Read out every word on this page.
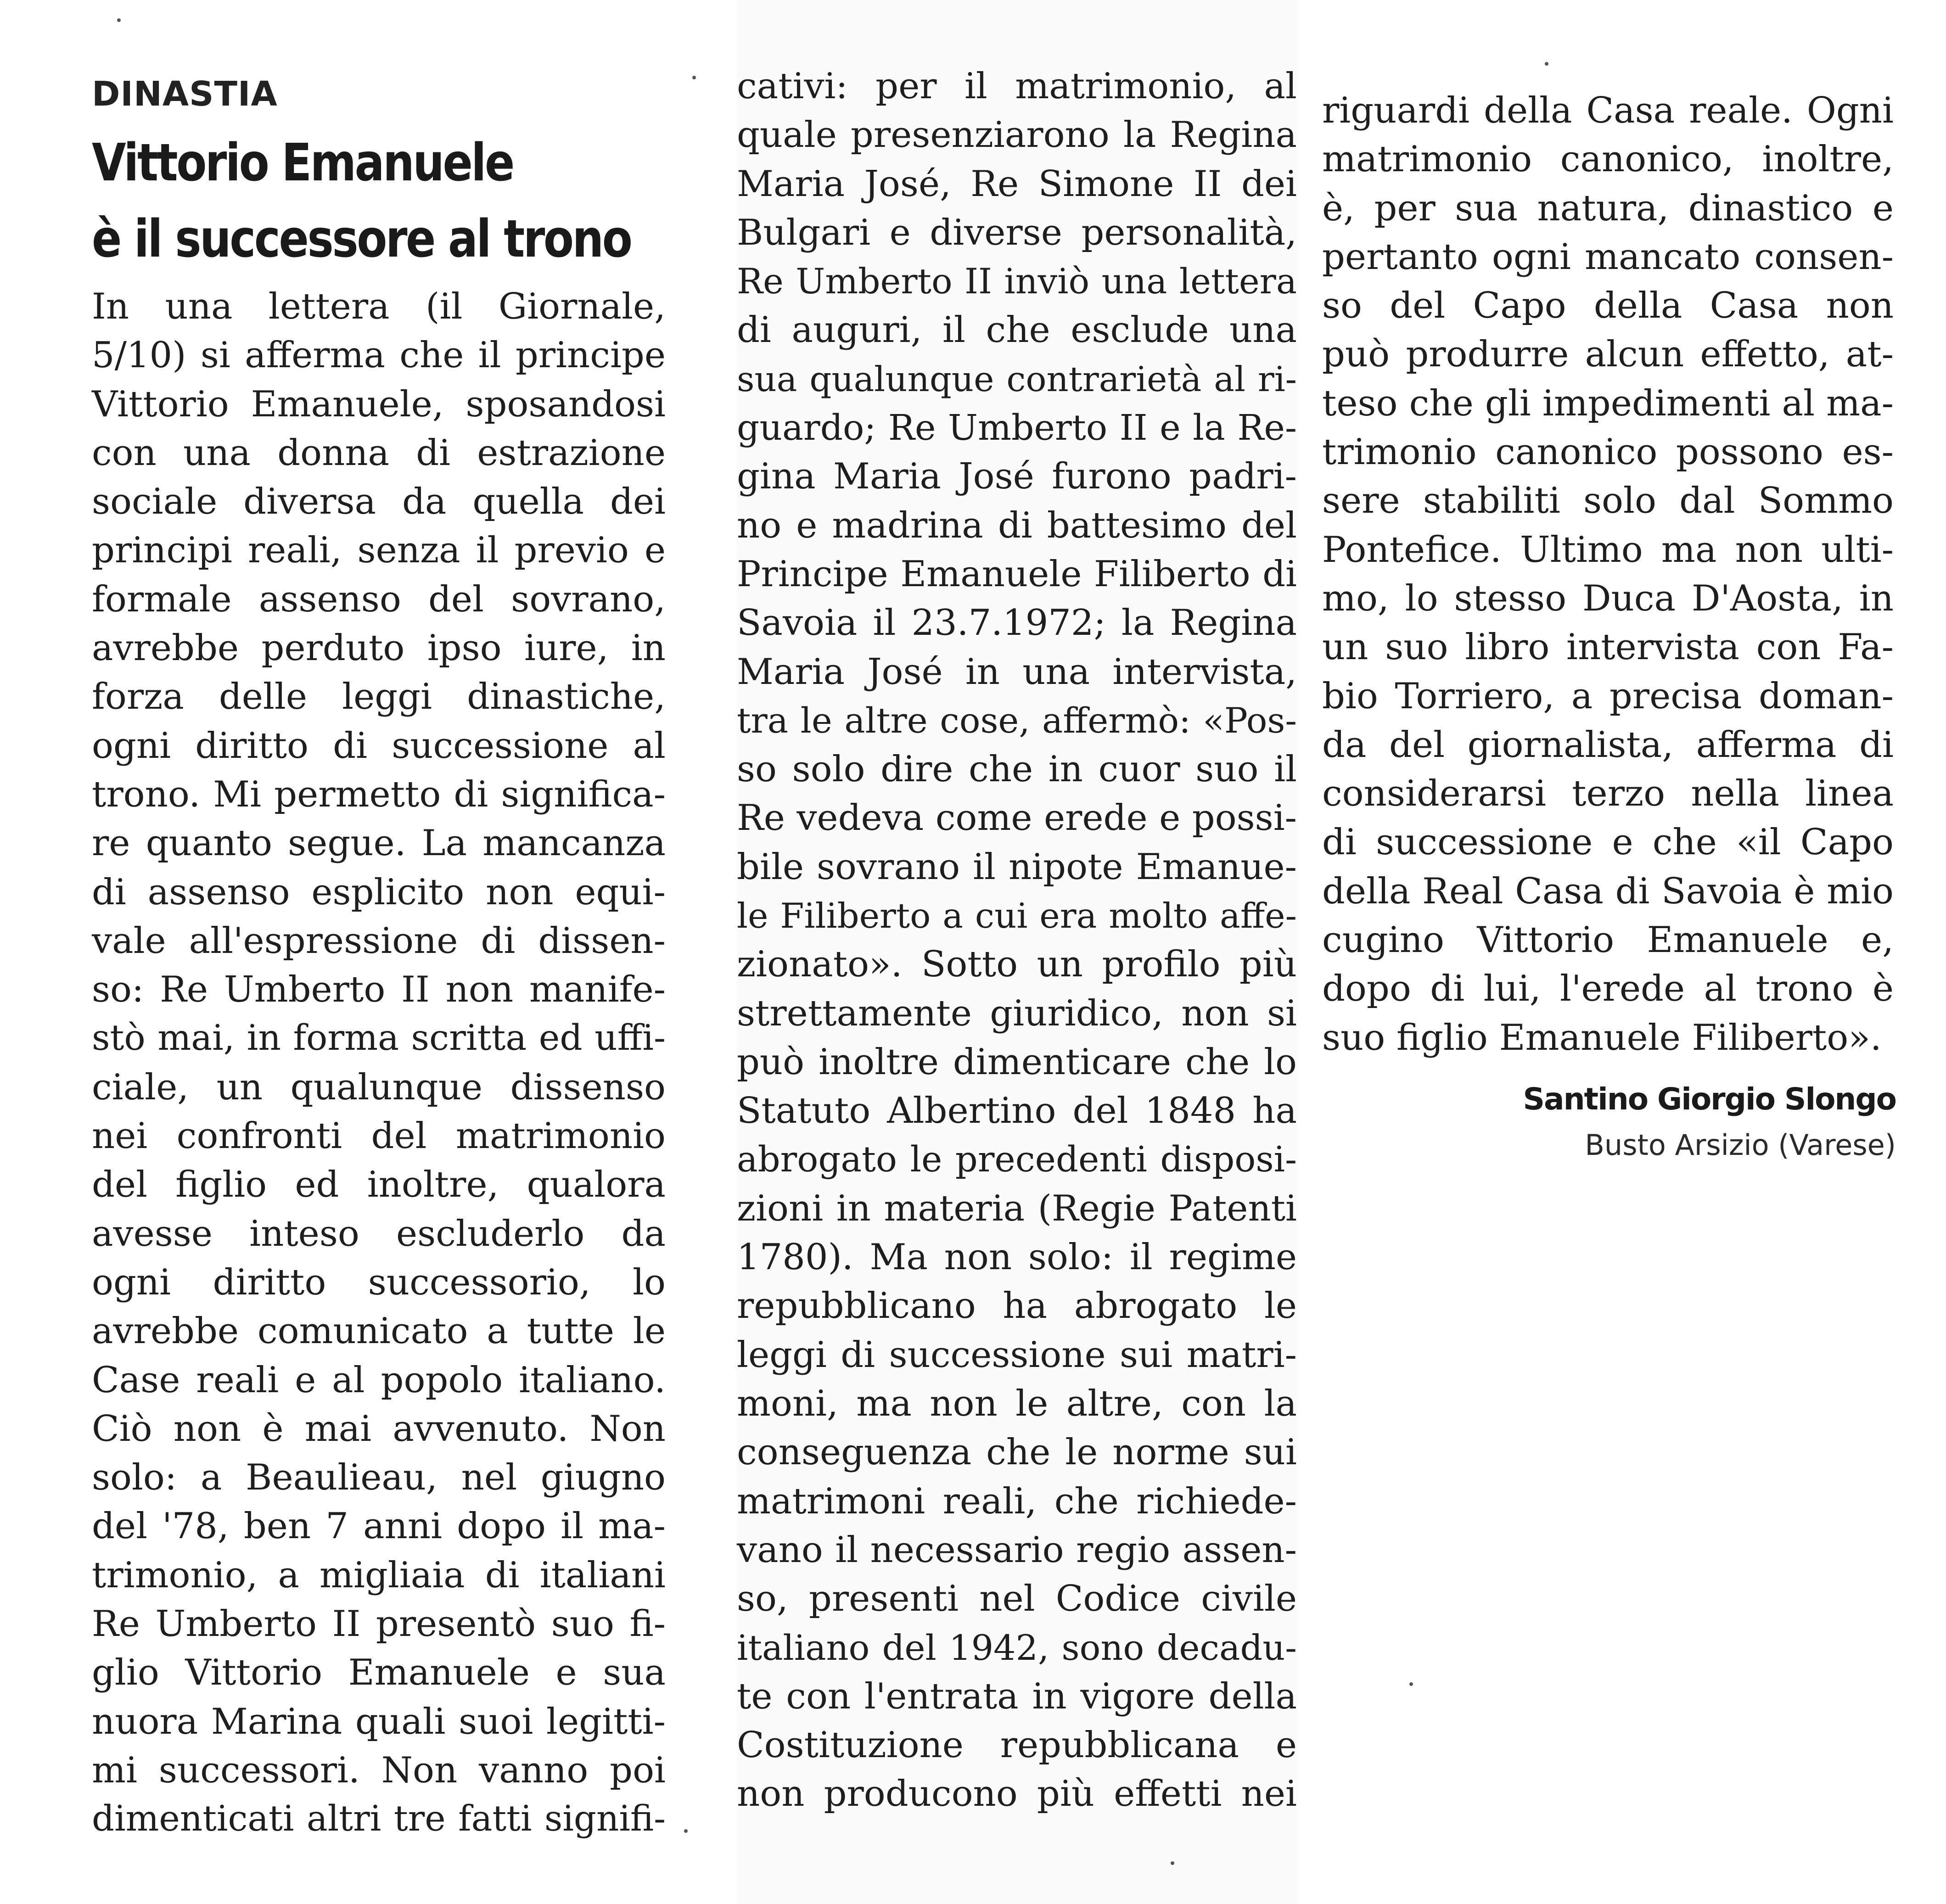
DINASTIA
Vittorio Emanuele
è il successore al trono
In una lettera (il Giornale,
5/10) si afferma che il principe
Vittorio Emanuele, sposandosi
con una donna di estrazione
sociale diversa da quella dei
principi reali, senza il previo e
formale assenso del sovrano,
avrebbe perduto ipso iure, in
forza delle leggi dinastiche,
ogni diritto di successione al
trono. Mi permetto di significa-
re quanto segue. La mancanza
di assenso esplicito non equi-
vale all'espressione di dissen-
so: Re Umberto II non manife-
stò mai, in forma scritta ed uffi-
ciale, un qualunque dissenso
nei confronti del matrimonio
del figlio ed inoltre, qualora
avesse inteso escluderlo da
ogni diritto successorio, lo
avrebbe comunicato a tutte le
Case reali e al popolo italiano.
Ciò non è mai avvenuto. Non
solo: a Beaulieau, nel giugno
del '78, ben 7 anni dopo il ma-
trimonio, a migliaia di italiani
Re Umberto II presentò suo fi-
glio Vittorio Emanuele e sua
nuora Marina quali suoi legitti-
mi successori. Non vanno poi
dimenticati altri tre fatti signifi-
cativi: per il matrimonio, al
quale presenziarono la Regina
Maria José, Re Simone II dei
Bulgari e diverse personalità,
Re Umberto II inviò una lettera
di auguri, il che esclude una
sua qualunque contrarietà al ri-
guardo; Re Umberto II e la Re-
gina Maria José furono padri-
no e madrina di battesimo del
Principe Emanuele Filiberto di
Savoia il 23.7.1972; la Regina
Maria José in una intervista,
tra le altre cose, affermò: «Pos-
so solo dire che in cuor suo il
Re vedeva come erede e possi-
bile sovrano il nipote Emanue-
le Filiberto a cui era molto affe-
zionato». Sotto un profilo più
strettamente giuridico, non si
può inoltre dimenticare che lo
Statuto Albertino del 1848 ha
abrogato le precedenti disposi-
zioni in materia (Regie Patenti
1780). Ma non solo: il regime
repubblicano ha abrogato le
leggi di successione sui matri-
moni, ma non le altre, con la
conseguenza che le norme sui
matrimoni reali, che richiede-
vano il necessario regio assen-
so, presenti nel Codice civile
italiano del 1942, sono decadu-
te con l'entrata in vigore della
Costituzione repubblicana e
non producono più effetti nei
riguardi della Casa reale. Ogni
matrimonio canonico, inoltre,
è, per sua natura, dinastico e
pertanto ogni mancato consen-
so del Capo della Casa non
può produrre alcun effetto, at-
teso che gli impedimenti al ma-
trimonio canonico possono es-
sere stabiliti solo dal Sommo
Pontefice. Ultimo ma non ulti-
mo, lo stesso Duca D'Aosta, in
un suo libro intervista con Fa-
bio Torriero, a precisa doman-
da del giornalista, afferma di
considerarsi terzo nella linea
di successione e che «il Capo
della Real Casa di Savoia è mio
cugino Vittorio Emanuele e,
dopo di lui, l'erede al trono è
suo figlio Emanuele Filiberto».
Santino Giorgio Slongo
Busto Arsizio (Varese)
